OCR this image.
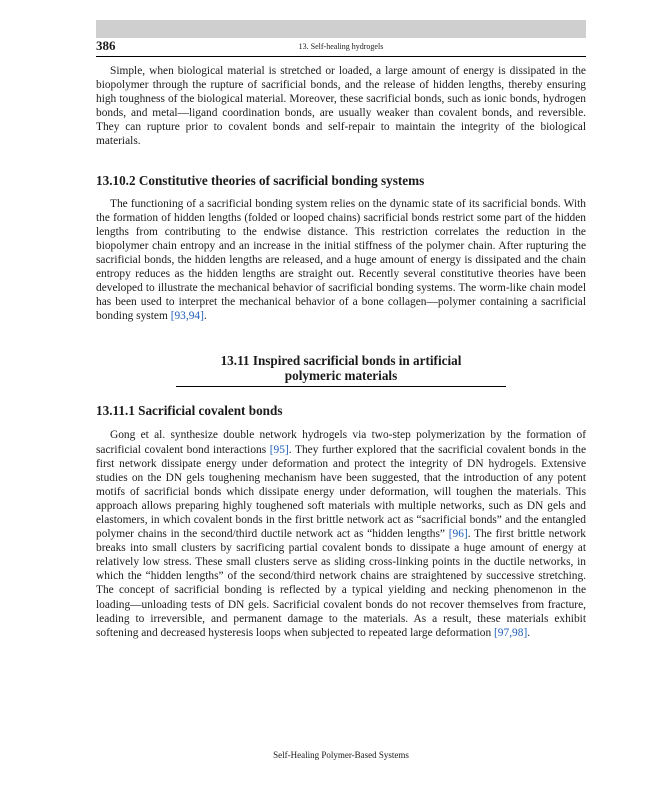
386	13. Self-healing hydrogels

Simple, when biological material is stretched or loaded, a large amount of energy is dissipated in the biopolymer through the rupture of sacrificial bonds, and the release of hidden lengths, thereby ensuring high toughness of the biological material. Moreover, these sacrificial bonds, such as ionic bonds, hydrogen bonds, and metal—ligand coordination bonds, are usually weaker than covalent bonds, and reversible. They can rupture prior to covalent bonds and self-repair to maintain the integrity of the biological materials.

13.10.2 Constitutive theories of sacrificial bonding systems

The functioning of a sacrificial bonding system relies on the dynamic state of its sacrificial bonds. With the formation of hidden lengths (folded or looped chains) sacrificial bonds restrict some part of the hidden lengths from contributing to the endwise distance. This restriction correlates the reduction in the biopolymer chain entropy and an increase in the initial stiffness of the polymer chain. After rupturing the sacrificial bonds, the hidden lengths are released, and a huge amount of energy is dissipated and the chain entropy reduces as the hidden lengths are straight out. Recently several constitutive theories have been developed to illustrate the mechanical behavior of sacrificial bonding systems. The worm-like chain model has been used to interpret the mechanical behavior of a bone collagen—polymer containing a sacrificial bonding system [93,94].

13.11 Inspired sacrificial bonds in artificial
polymeric materials
13.11.1 Sacrificial covalent bonds

Gong et al. synthesize double network hydrogels via two-step polymerization by the formation of sacrificial covalent bond interactions [95]. They further explored that the sacrificial covalent bonds in the first network dissipate energy under deformation and protect the integrity of DN hydrogels. Extensive studies on the DN gels toughening mechanism have been suggested, that the introduction of any potent motifs of sacrificial bonds which dissipate energy under deformation, will toughen the materials. This approach allows preparing highly toughened soft materials with multiple networks, such as DN gels and elastomers, in which covalent bonds in the first brittle network act as “sacrificial bonds” and the entangled polymer chains in the second/third ductile network act as “hidden lengths” [96]. The first brittle network breaks into small clusters by sacrificing partial covalent bonds to dissipate a huge amount of energy at relatively low stress. These small clusters serve as sliding cross-linking points in the ductile networks, in which the “hidden lengths” of the second/third network chains are straightened by successive stretching. The concept of sacrificial bonding is reflected by a typical yielding and necking phenomenon in the loading—unloading tests of DN gels. Sacrificial covalent bonds do not recover themselves from fracture, leading to irreversible, and permanent damage to the materials. As a result, these materials exhibit softening and decreased hysteresis loops when subjected to repeated large deformation [97,98].

Self-Healing Polymer-Based Systems
